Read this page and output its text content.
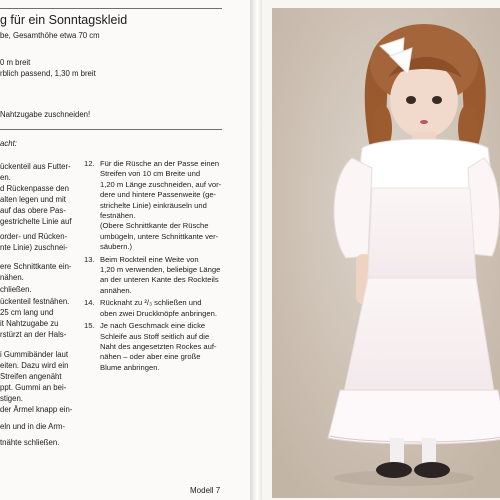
g für ein Sonntagskleid
be, Gesamthöhe etwa 70 cm
0 m breit
rblich passend, 1,30 m breit
Nahtzugabe zuschneiden!
acht:
ückenteil aus Futter-
en.
d Rückenpasse den
alten legen und mit
auf das obere Pas-
gestrichelte Linie auf
order- und Rücken-
nte Linie) zuschnei-
ere Schnittkante ein-
nähen.
chließen.
ückenteil festnähen.
25 cm lang und
it Nahtzugabe zu
rstürzt an der Hals-
i Gummibänder laut
eiten. Dazu wird ein
Streifen angenäht
ppt. Gummi an bei-
stigen.
der Ärmel knapp ein-
eln und in die Arm-
tnähte schließen.
12. Für die Rüsche an der Passe einen
Streifen von 10 cm Breite und
1,20 m Länge zuschneiden, auf vor-
dere und hintere Passenweite (ge-
strichelte Linie) einkräuseln und
festnähen.
(Obere Schnittkante der Rüsche
umbügeln, untere Schnittkante ver-
säubern.)
13. Beim Rockteil eine Weite von
1,20 m verwenden, beliebige Länge
an der unteren Kante des Rockteils
annähen.
14. Rücknaht zu ²/₃ schließen und
oben zwei Druckknöpfe anbringen.
15. Je nach Geschmack eine dicke
Schleife aus Stoff seitlich auf die
Naht des angesetzten Rockes auf-
nähen – oder aber eine große
Blume anbringen.
Modell 7
